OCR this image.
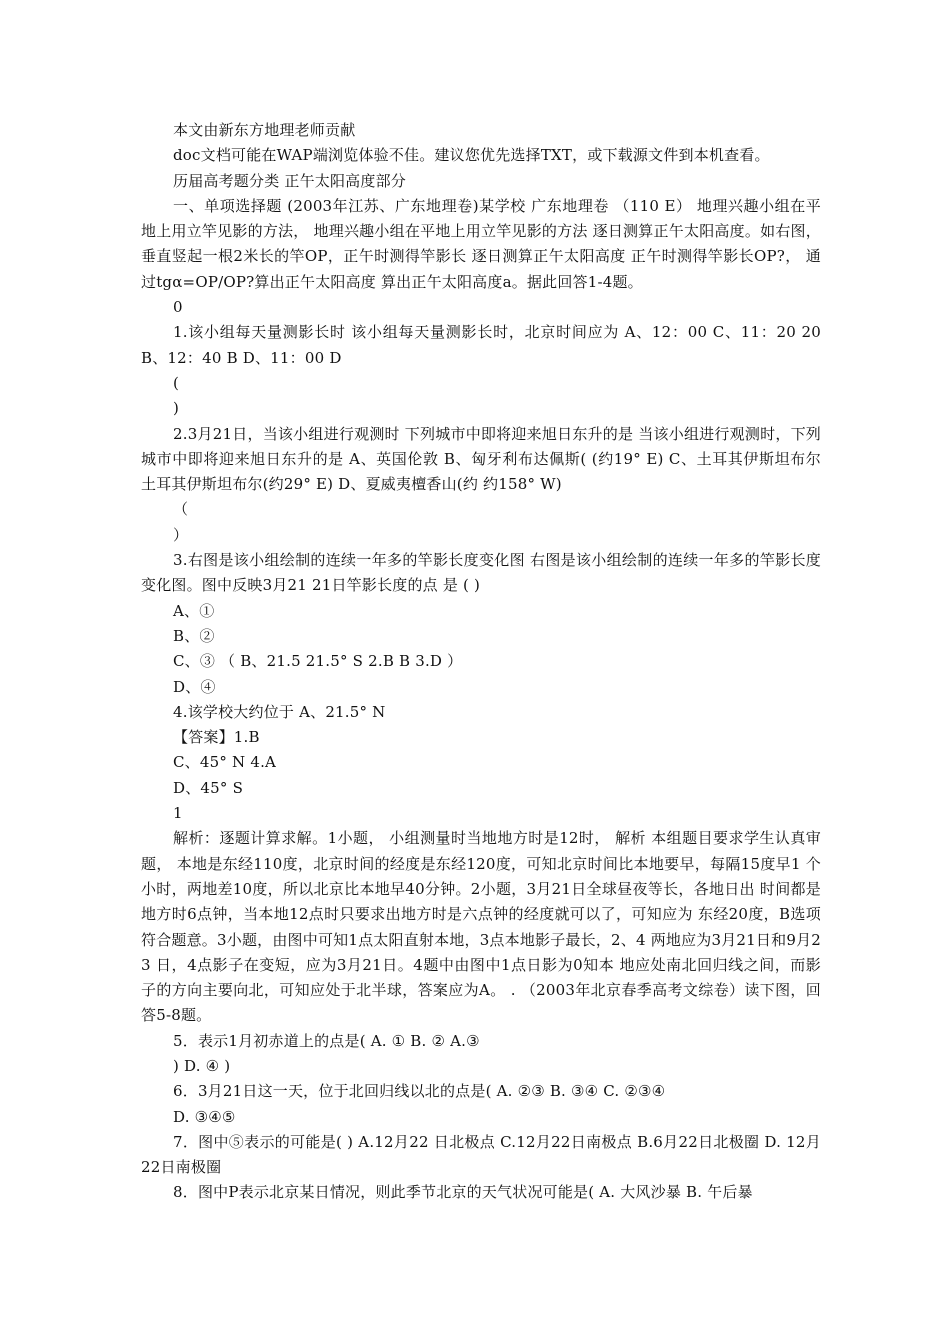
本文由新东方地理老师贡献

doc文档可能在WAP端浏览体验不佳。建议您优先选择TXT，或下载源文件到本机查看。

历届高考题分类 正午太阳高度部分

一、单项选择题 (2003年江苏、广东地理卷)某学校 广东地理卷 （110 E） 地理兴趣小组在平地上用立竿见影的方法， 地理兴趣小组在平地上用立竿见影的方法 逐日测算正午太阳高度。如右图，垂直竖起一根2米长的竿OP，正午时测得竿影长 逐日测算正午太阳高度 正午时测得竿影长OP?， 通过tgα=OP/OP?算出正午太阳高度 算出正午太阳高度a。据此回答1-4题。

0

1.该小组每天量测影长时 该小组每天量测影长时，北京时间应为 A、12：00 C、11：20 20 B、12：40 B D、11：00 D

(

)

2.3月21日，当该小组进行观测时 下列城市中即将迎来旭日东升的是 当该小组进行观测时，下列城市中即将迎来旭日东升的是 A、英国伦敦 B、匈牙利布达佩斯( (约19° E) C、土耳其伊斯坦布尔 土耳其伊斯坦布尔(约29° E) D、夏威夷檀香山(约 约158° W)

（

）

3.右图是该小组绘制的连续一年多的竿影长度变化图 右图是该小组绘制的连续一年多的竿影长度变化图。图中反映3月21 21日竿影长度的点 是 ( )

A、①

B、②

C、③ （ B、21.5 21.5° S 2.B B 3.D ）

D、④

4.该学校大约位于 A、21.5° N

【答案】1.B

C、45° N 4.A

D、45° S

1

解析：逐题计算求解。1小题， 小组测量时当地地方时是12时， 解析 本组题目要求学生认真审题， 本地是东经110度，北京时间的经度是东经120度，可知北京时间比本地要早，每隔15度早1 个小时，两地差10度，所以北京比本地早40分钟。2小题，3月21日全球昼夜等长，各地日出 时间都是地方时6点钟，当本地12点时只要求出地方时是六点钟的经度就可以了，可知应为 东经20度，B选项符合题意。3小题，由图中可知1点太阳直射本地，3点本地影子最长，2、4 两地应为3月21日和9月23 日，4点影子在变短，应为3月21日。4题中由图中1点日影为0知本 地应处南北回归线之间，而影子的方向主要向北，可知应处于北半球，答案应为A。 . （2003年北京春季高考文综卷）读下图，回答5-8题。

5．表示1月初赤道上的点是( A. ① B. ② A.③

) D. ④ )

6．3月21日这一天，位于北回归线以北的点是( A. ②③ B. ③④ C. ②③④

D. ③④⑤

7．图中⑤表示的可能是( ) A.12月22 日北极点 C.12月22日南极点 B.6月22日北极圈 D. 12月22日南极圈

8．图中P表示北京某日情况，则此季节北京的天气状况可能是( A. 大风沙暴 B. 午后暴
